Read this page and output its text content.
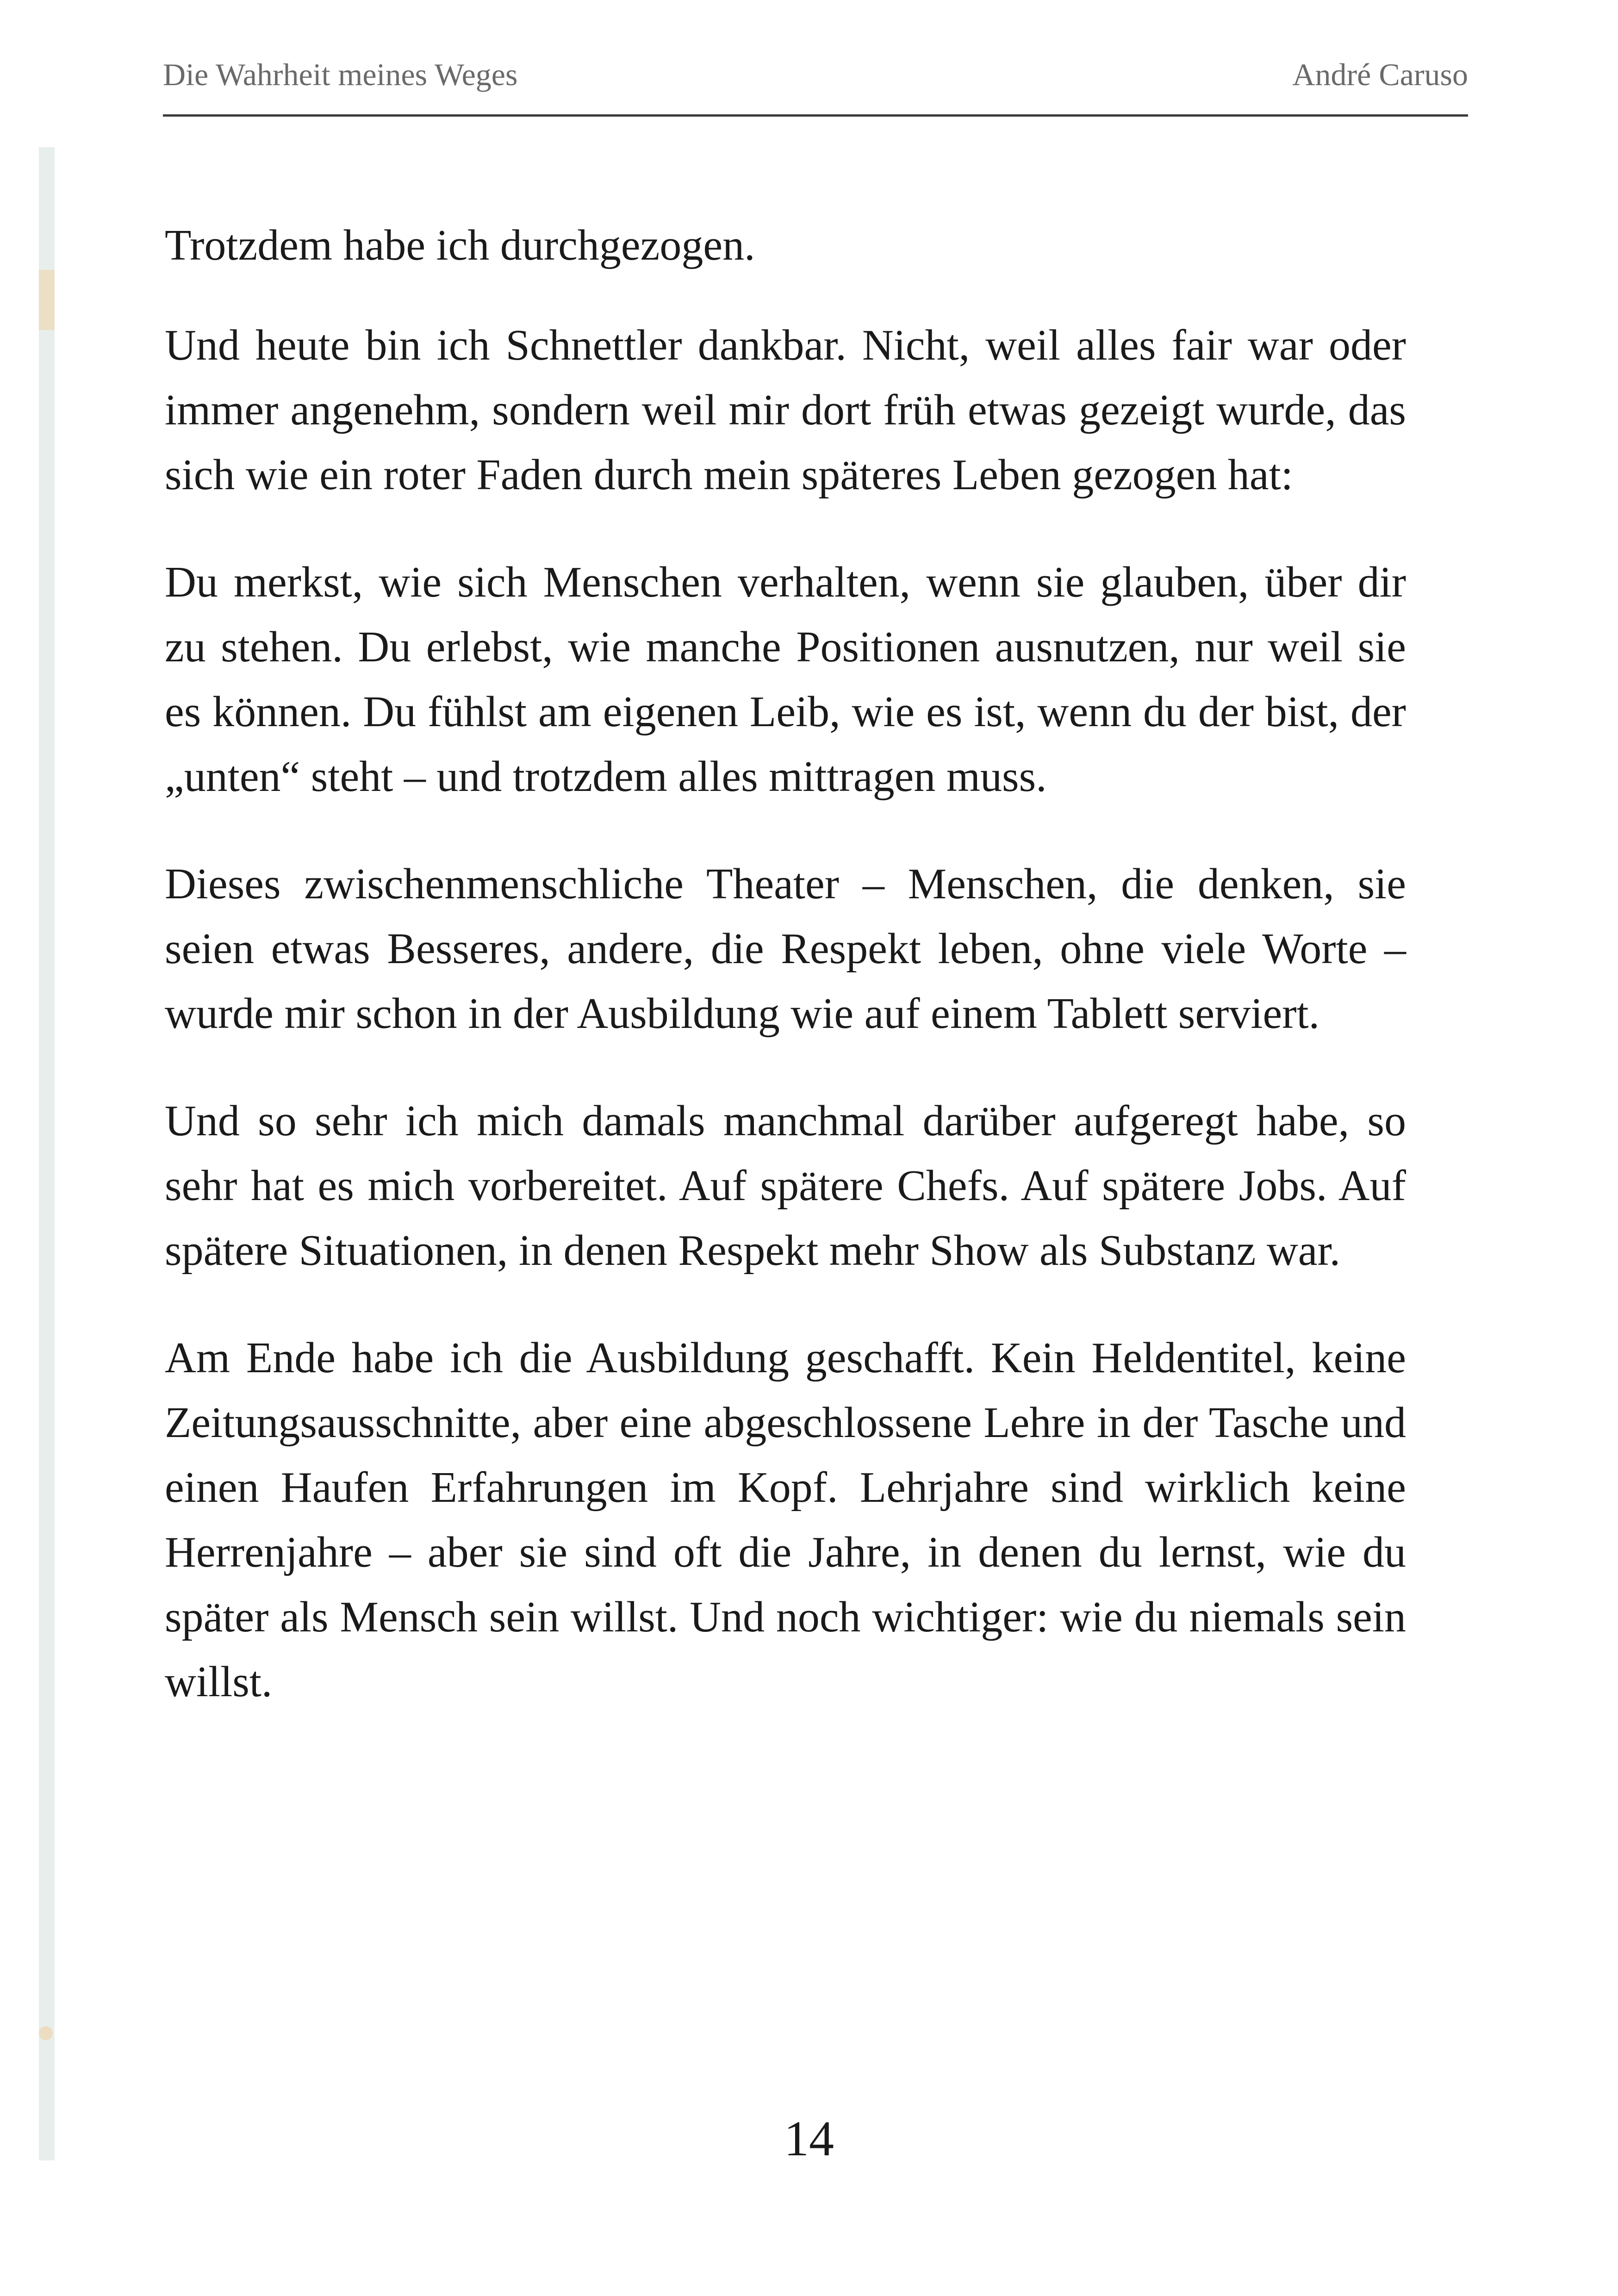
Die Wahrheit meines Weges	André Caruso

Trotzdem habe ich durchgezogen.

Und heute bin ich Schnettler dankbar. Nicht, weil alles fair war oder immer angenehm, sondern weil mir dort früh etwas gezeigt wurde, das sich wie ein roter Faden durch mein späteres Leben gezogen hat:

Du merkst, wie sich Menschen verhalten, wenn sie glauben, über dir zu stehen. Du erlebst, wie manche Positionen ausnutzen, nur weil sie es können. Du fühlst am eigenen Leib, wie es ist, wenn du der bist, der „unten“ steht – und trotzdem alles mittragen muss.

Dieses zwischenmenschliche Theater – Menschen, die denken, sie seien etwas Besseres, andere, die Respekt leben, ohne viele Worte – wurde mir schon in der Ausbildung wie auf einem Tablett serviert.

Und so sehr ich mich damals manchmal darüber aufgeregt habe, so sehr hat es mich vorbereitet. Auf spätere Chefs. Auf spätere Jobs. Auf spätere Situationen, in denen Respekt mehr Show als Substanz war.

Am Ende habe ich die Ausbildung geschafft. Kein Heldentitel, keine Zeitungsausschnitte, aber eine abgeschlossene Lehre in der Tasche und einen Haufen Erfahrungen im Kopf. Lehrjahre sind wirklich keine Herrenjahre – aber sie sind oft die Jahre, in denen du lernst, wie du später als Mensch sein willst. Und noch wichtiger: wie du niemals sein willst.

14
